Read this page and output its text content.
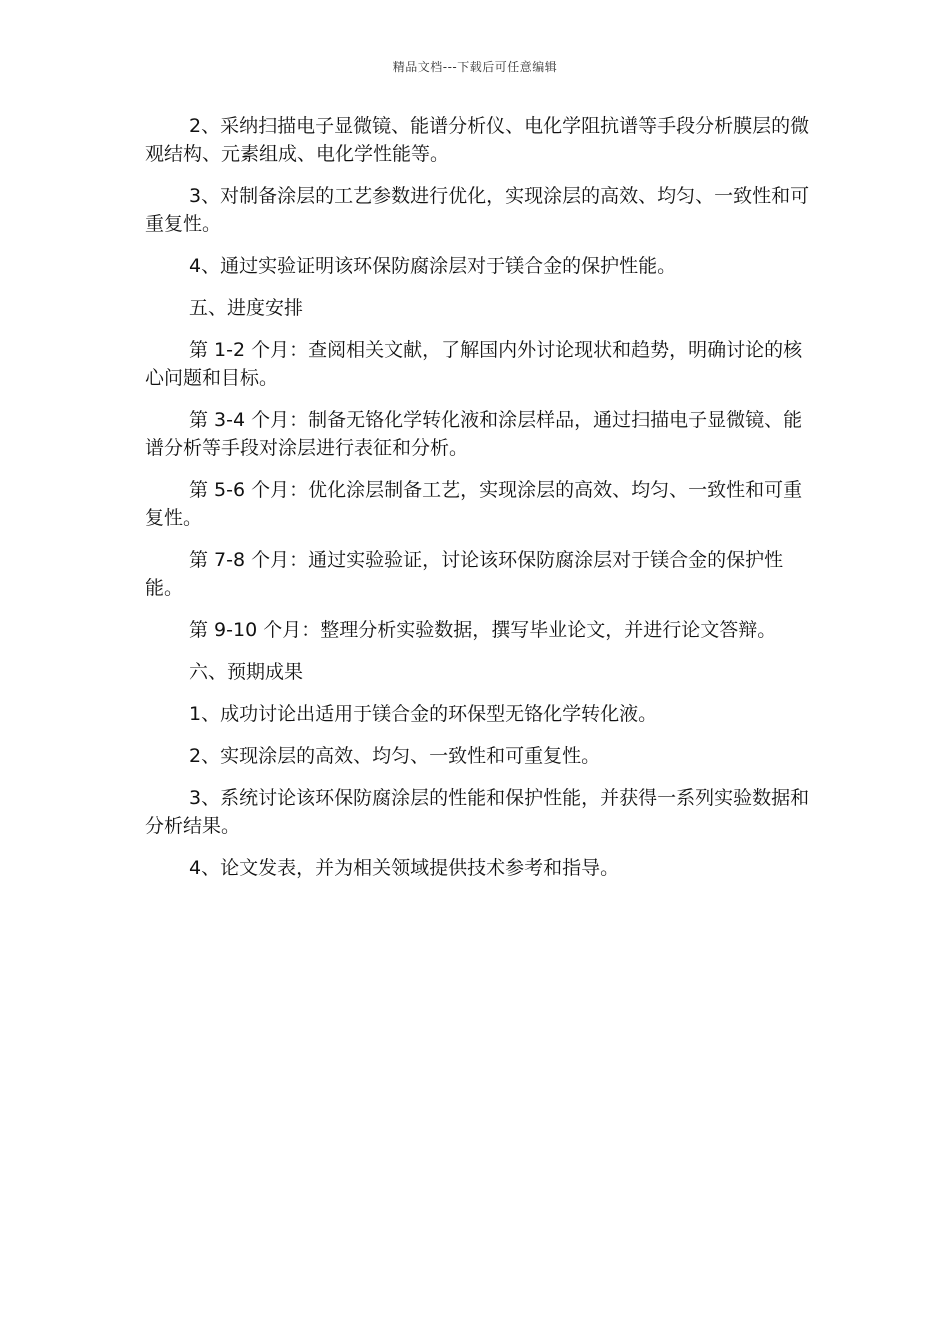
精品文档---下载后可任意编辑

2、采纳扫描电子显微镜、能谱分析仪、电化学阻抗谱等手段分析膜层的微观结构、元素组成、电化学性能等。

3、对制备涂层的工艺参数进行优化，实现涂层的高效、均匀、一致性和可重复性。

4、通过实验证明该环保防腐涂层对于镁合金的保护性能。

五、进度安排

第 1-2 个月：查阅相关文献，了解国内外讨论现状和趋势，明确讨论的核心问题和目标。

第 3-4 个月：制备无铬化学转化液和涂层样品，通过扫描电子显微镜、能谱分析等手段对涂层进行表征和分析。

第 5-6 个月：优化涂层制备工艺，实现涂层的高效、均匀、一致性和可重复性。

第 7-8 个月：通过实验验证，讨论该环保防腐涂层对于镁合金的保护性能。

第 9-10 个月：整理分析实验数据，撰写毕业论文，并进行论文答辩。

六、预期成果

1、成功讨论出适用于镁合金的环保型无铬化学转化液。

2、实现涂层的高效、均匀、一致性和可重复性。

3、系统讨论该环保防腐涂层的性能和保护性能，并获得一系列实验数据和分析结果。

4、论文发表，并为相关领域提供技术参考和指导。
